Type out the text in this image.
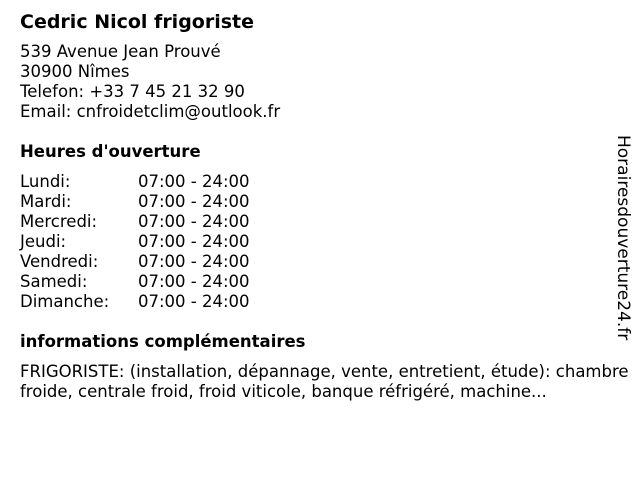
Cedric Nicol frigoriste
539 Avenue Jean Prouvé
30900 Nîmes
Telefon: +33 7 45 21 32 90
Email: cnfroidetclim@outlook.fr
Heures d'ouverture
Lundi:	07:00 - 24:00
Mardi:	07:00 - 24:00
Mercredi:	07:00 - 24:00
Jeudi:	07:00 - 24:00
Vendredi:	07:00 - 24:00
Samedi:	07:00 - 24:00
Dimanche:	07:00 - 24:00
informations complémentaires
FRIGORISTE: (installation, dépannage, vente, entretient, étude): chambre froide, centrale froid, froid viticole, banque réfrigéré, machine...
Horairesdouverture24.fr
